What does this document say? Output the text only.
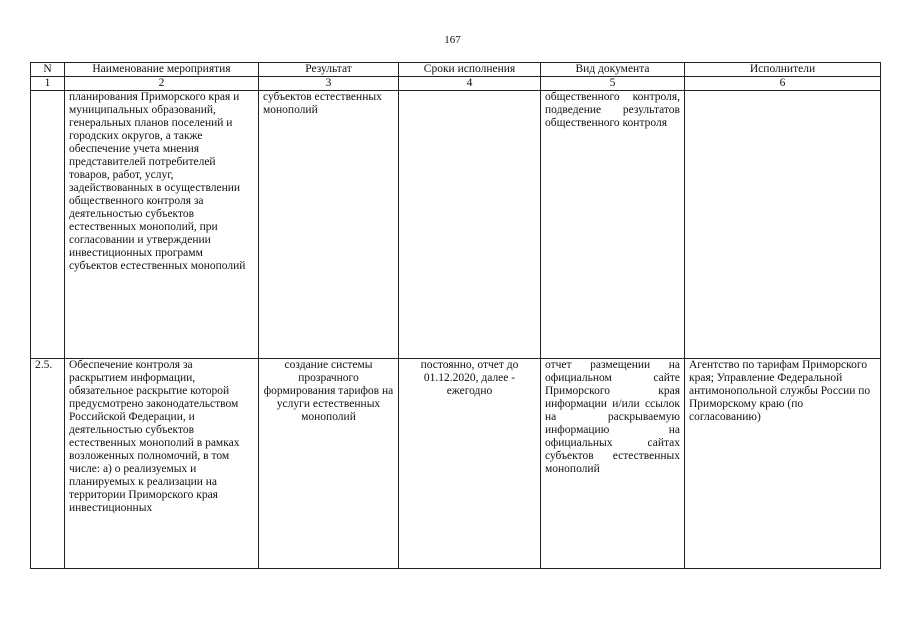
167
N	Наименование мероприятия	Результат	Сроки исполнения	Вид документа	Исполнители
1	2	3	4	5	6
	планирования Приморского края и муниципальных образований, генеральных планов поселений и городских округов, а также обеспечение учета мнения представителей потребителей товаров, работ, услуг, задействованных в осуществлении общественного контроля за деятельностью субъектов естественных монополий, при согласовании и утверждении инвестиционных программ субъектов естественных монополий	субъектов естественных монополий		общественного контроля, подведение результатов общественного контроля	
2.5.	Обеспечение контроля за раскрытием информации, обязательное раскрытие которой предусмотрено законодательством Российской Федерации, и деятельностью субъектов естественных монополий в рамках возложенных полномочий, в том числе: а) о реализуемых и планируемых к реализации на территории Приморского края инвестиционных	создание системы прозрачного формирования тарифов на услуги естественных монополий	постоянно, отчет до 01.12.2020, далее - ежегодно	отчет размещении на официальном сайте Приморского края информации и/или ссылок на раскрываемую информацию на официальных сайтах субъектов естественных монополий	Агентство по тарифам Приморского края; Управление Федеральной антимонопольной службы России по Приморскому краю (по согласованию)
